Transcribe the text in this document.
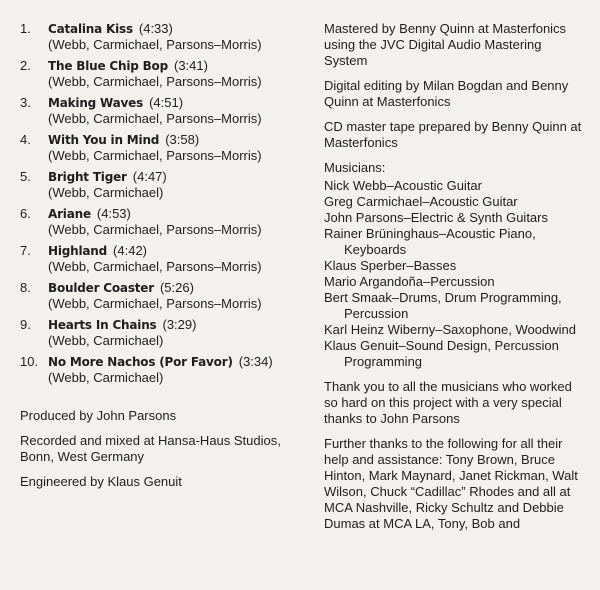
1.	Catalina Kiss (4:33)
(Webb, Carmichael, Parsons–Morris)
2.	The Blue Chip Bop (3:41)
(Webb, Carmichael, Parsons–Morris)
3.	Making Waves (4:51)
(Webb, Carmichael, Parsons–Morris)
4.	With You in Mind (3:58)
(Webb, Carmichael, Parsons–Morris)
5.	Bright Tiger (4:47)
(Webb, Carmichael)
6.	Ariane (4:53)
(Webb, Carmichael, Parsons–Morris)
7.	Highland (4:42)
(Webb, Carmichael, Parsons–Morris)
8.	Boulder Coaster (5:26)
(Webb, Carmichael, Parsons–Morris)
9.	Hearts In Chains (3:29)
(Webb, Carmichael)
10. No More Nachos (Por Favor) (3:34)
(Webb, Carmichael)

Produced by John Parsons

Recorded and mixed at Hansa-Haus Studios, Bonn, West Germany

Engineered by Klaus Genuit

Mastered by Benny Quinn at Masterfonics using the JVC Digital Audio Mastering System

Digital editing by Milan Bogdan and Benny Quinn at Masterfonics

CD master tape prepared by Benny Quinn at Masterfonics

Musicians:

Nick Webb–Acoustic Guitar

Greg Carmichael–Acoustic Guitar

John Parsons–Electric & Synth Guitars

Rainer Brüninghaus–Acoustic Piano, Keyboards

Klaus Sperber–Basses

Mario Argandoña–Percussion

Bert Smaak–Drums, Drum Programming, Percussion

Karl Heinz Wiberny–Saxophone, Woodwind

Klaus Genuit–Sound Design, Percussion Programming

Thank you to all the musicians who worked so hard on this project with a very special thanks to John Parsons

Further thanks to the following for all their help and assistance: Tony Brown, Bruce Hinton, Mark Maynard, Janet Rickman, Walt Wilson, Chuck “Cadillac” Rhodes and all at MCA Nashville, Ricky Schultz and Debbie Dumas at MCA LA, Tony, Bob and
